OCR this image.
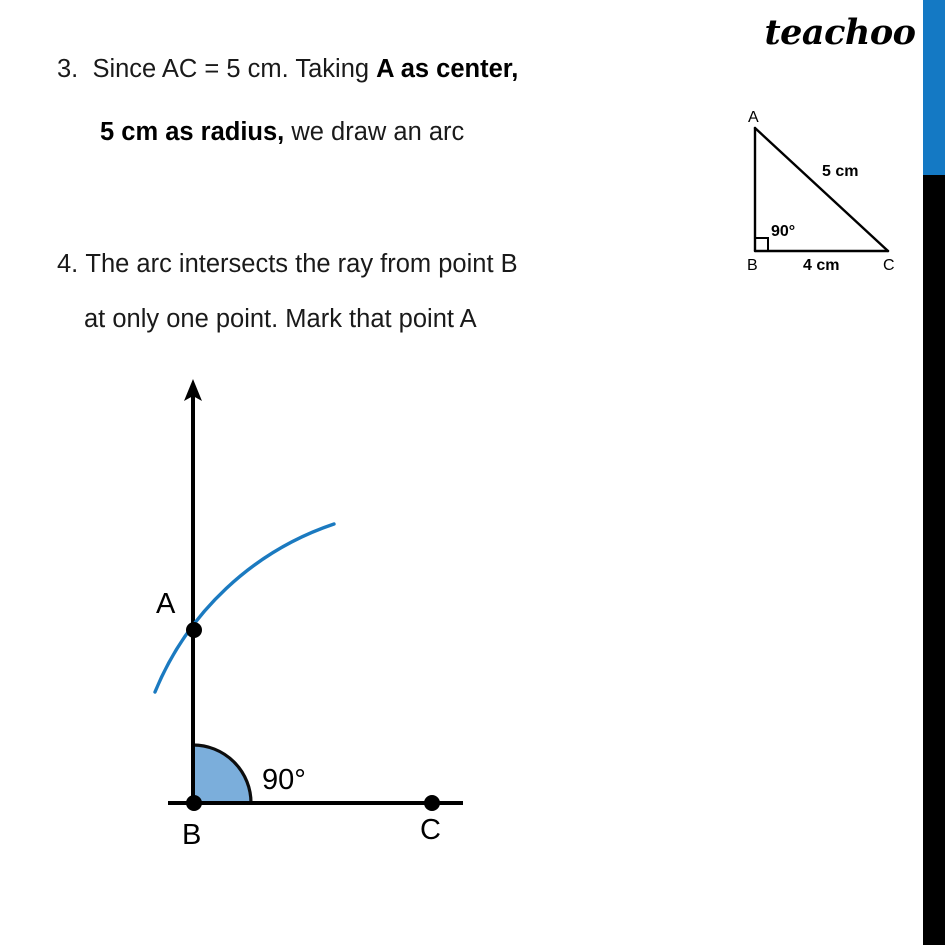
teachoo
3. Since AC = 5 cm. Taking A as center,
5 cm as radius, we draw an arc
4. The arc intersects the ray from point B
at only one point. Mark that point A
A
B	C
5 cm
4 cm
90°
A
B	C
90°
